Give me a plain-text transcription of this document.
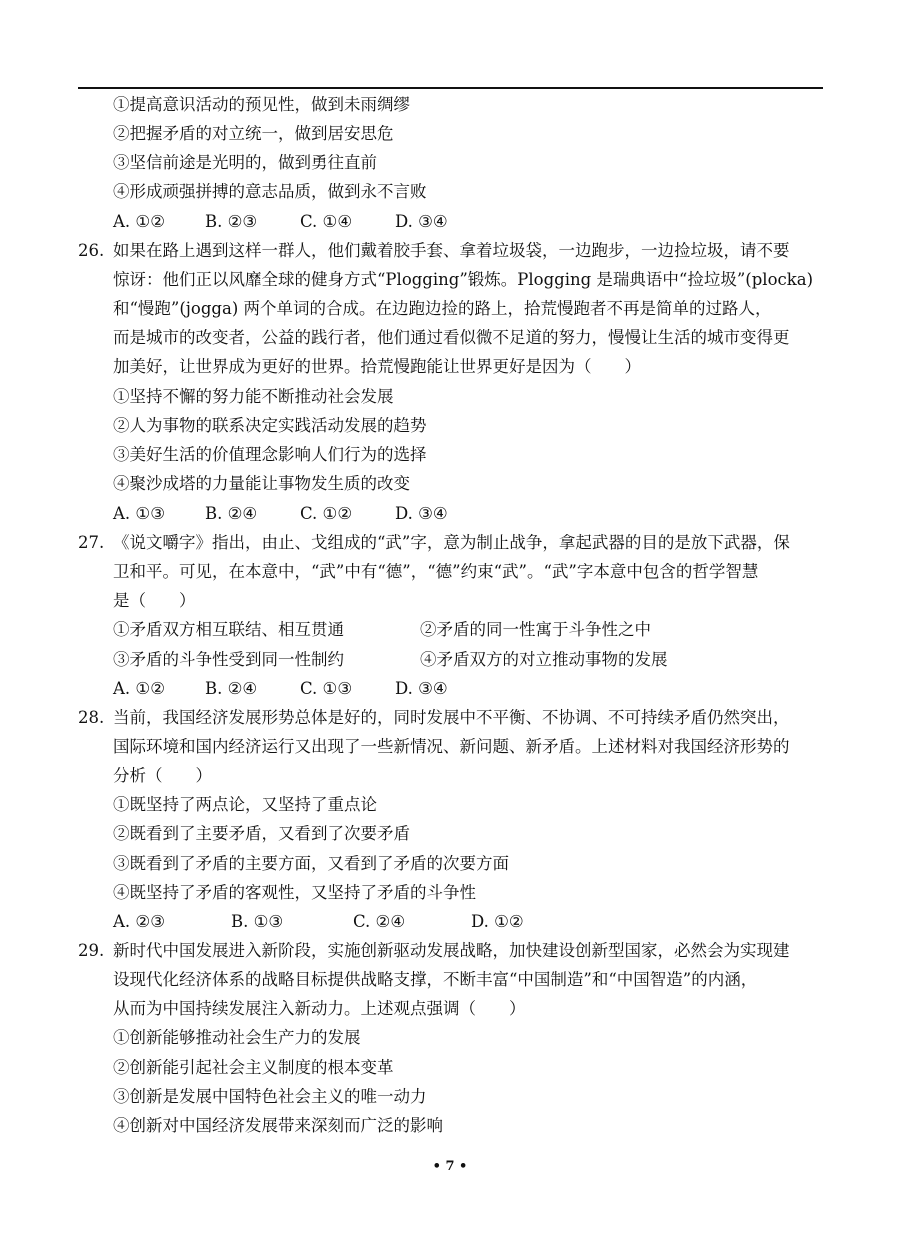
①提高意识活动的预见性，做到未雨绸缪
②把握矛盾的对立统一，做到居安思危
③坚信前途是光明的，做到勇往直前
④形成顽强拼搏的意志品质，做到永不言败
A. ①② B. ②③	C. ①④	D. ③④
26. 如果在路上遇到这样一群人，他们戴着胶手套、拿着垃圾袋，一边跑步，一边捡垃圾，请不要
惊讶：他们正以风靡全球的健身方式“Plogging”锻炼。Plogging 是瑞典语中“捡垃圾”(plocka)
和“慢跑”(jogga) 两个单词的合成。在边跑边捡的路上，拾荒慢跑者不再是简单的过路人，
而是城市的改变者，公益的践行者，他们通过看似微不足道的努力，慢慢让生活的城市变得更
加美好，让世界成为更好的世界。拾荒慢跑能让世界更好是因为（　　）
①坚持不懈的努力能不断推动社会发展
②人为事物的联系决定实践活动发展的趋势
③美好生活的价值理念影响人们行为的选择
④聚沙成塔的力量能让事物发生质的改变
A. ①③ B. ②④	C. ①②	D. ③④
27. 《说文嚼字》指出，由止、戈组成的“武”字，意为制止战争，拿起武器的目的是放下武器，保
卫和平。可见，在本意中，“武”中有“德”，“德”约束“武”。“武”字本意中包含的哲学智慧
是（　　）
①矛盾双方相互联结、相互贯通	②矛盾的同一性寓于斗争性之中
③矛盾的斗争性受到同一性制约	④矛盾双方的对立推动事物的发展
A. ①② B. ②④	C. ①③	D. ③④
28. 当前，我国经济发展形势总体是好的，同时发展中不平衡、不协调、不可持续矛盾仍然突出，
国际环境和国内经济运行又出现了一些新情况、新问题、新矛盾。上述材料对我国经济形势的
分析（　　）
①既坚持了两点论，又坚持了重点论
②既看到了主要矛盾，又看到了次要矛盾
③既看到了矛盾的主要方面，又看到了矛盾的次要方面
④既坚持了矛盾的客观性，又坚持了矛盾的斗争性
A. ②③	B. ①③	C. ②④	D. ①②
29. 新时代中国发展进入新阶段，实施创新驱动发展战略，加快建设创新型国家，必然会为实现建
设现代化经济体系的战略目标提供战略支撑，不断丰富“中国制造”和“中国智造”的内涵，
从而为中国持续发展注入新动力。上述观点强调（　　）
①创新能够推动社会生产力的发展
②创新能引起社会主义制度的根本变革
③创新是发展中国特色社会主义的唯一动力
④创新对中国经济发展带来深刻而广泛的影响
• 7 •
